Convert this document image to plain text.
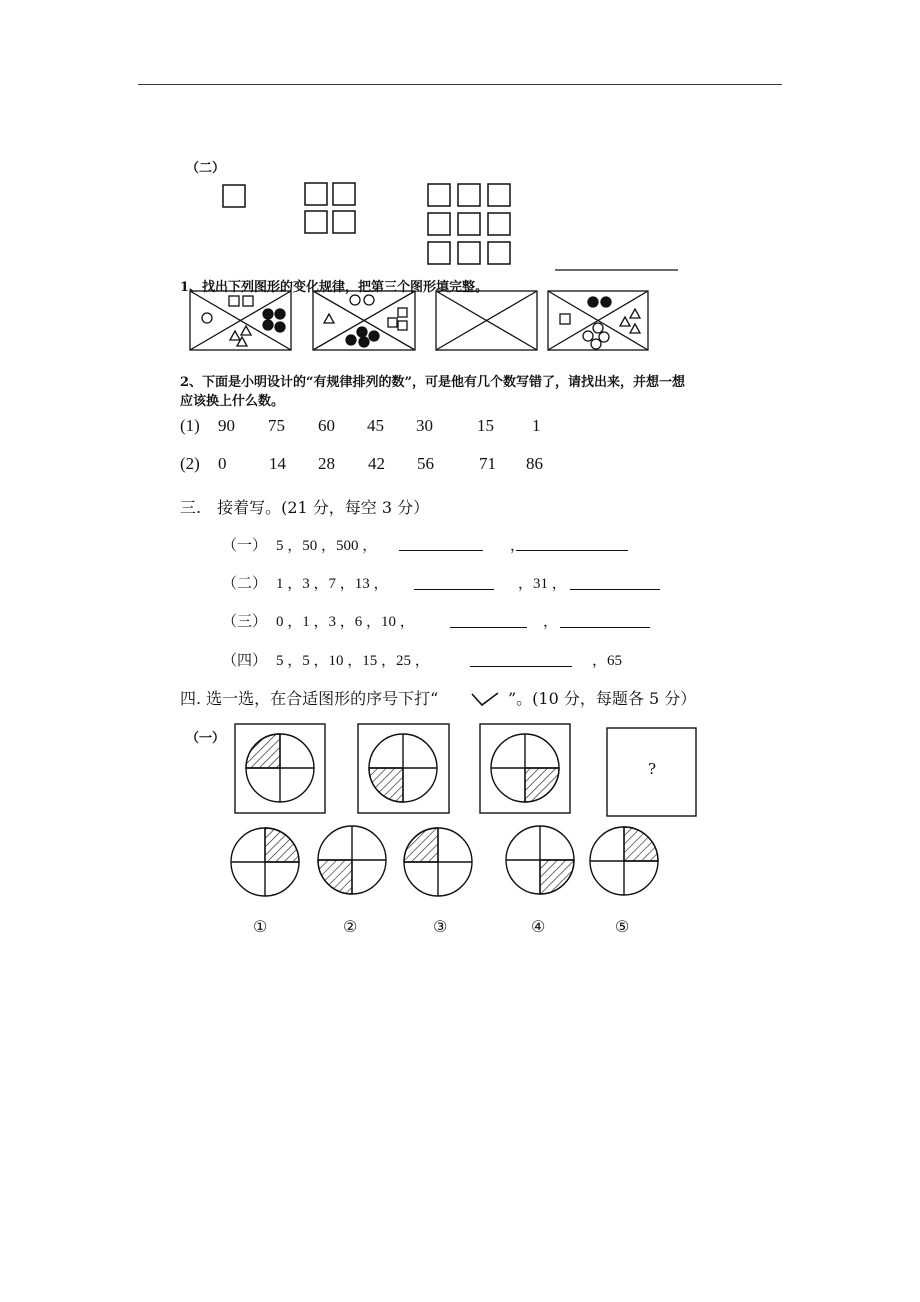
（二）
1、找出下列图形的变化规律，把第三个图形填完整。
2、下面是小明设计的“有规律排列的数”，可是他有几个数写错了，请找出来，并想一想
应该换上什么数。
(1) 90 75 60 45 30	15 1
(2) 0	14 28 42 56	71 86
三.　接着写。(21 分，每空 3 分）
（一） 5 ，50 ，500 ，	，
（二） 1 ，3 ，7 ，13 ，	，31 ，
（三） 0 ，1 ，3 ，6 ，10 ，	，
（四） 5 ，5 ，10 ，15 ，25 ，	，65
四. 选一选，在合适图形的序号下打“	”。(10 分，每题各 5 分）
（一）
?
①	②	③	④	⑤
